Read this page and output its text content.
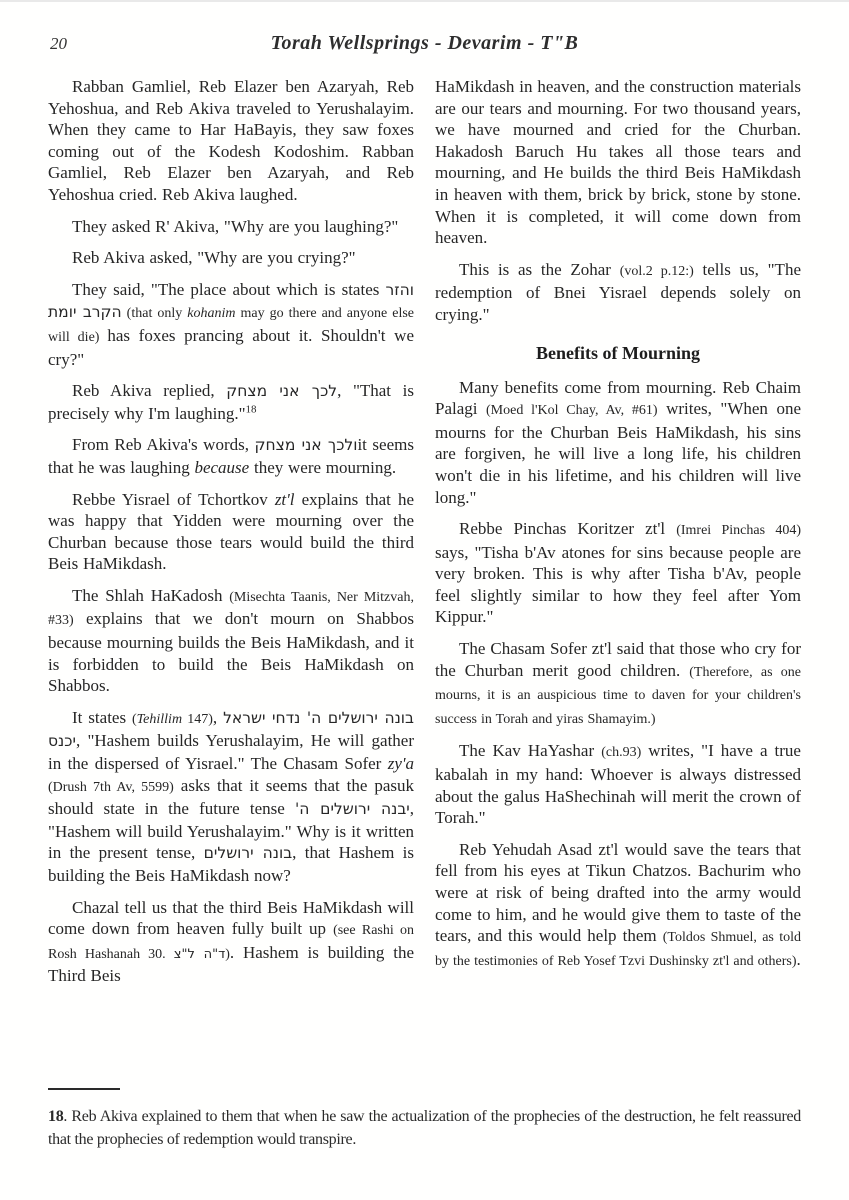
20	Torah Wellsprings - Devarim - T"B

Rabban Gamliel, Reb Elazer ben Azaryah, Reb Yehoshua, and Reb Akiva traveled to Yerushalayim. When they came to Har HaBayis, they saw foxes coming out of the Kodesh Kodoshim. Rabban Gamliel, Reb Elazer ben Azaryah, and Reb Yehoshua cried. Reb Akiva laughed.

They asked R' Akiva, "Why are you laughing?"

Reb Akiva asked, "Why are you crying?"

They said, "The place about which is states והזר הקרב יומת (that only kohanim may go there and anyone else will die) has foxes prancing about it. Shouldn't we cry?"

Reb Akiva replied, לכך אני מצחק, "That is precisely why I'm laughing."$^{18}$

From Reb Akiva's words, ולכך אני מצחקit seems that he was laughing because they were mourning.

Rebbe Yisrael of Tchortkov zt'l explains that he was happy that Yidden were mourning over the Churban because those tears would build the third Beis HaMikdash.

The Shlah HaKadosh (Misechta Taanis, Ner Mitzvah, #33) explains that we don't mourn on Shabbos because mourning builds the Beis HaMikdash, and it is forbidden to build the Beis HaMikdash on Shabbos.

It states (Tehillim 147), בונה ירושלים ה' נדחי ישראל יכנס, "Hashem builds Yerushalayim, He will gather in the dispersed of Yisrael." The Chasam Sofer zy'a (Drush 7th Av, 5599) asks that it seems that the pasuk should state in the future tense יבנה ירושלים ה', "Hashem will build Yerushalayim." Why is it written in the present tense, בונה ירושלים, that Hashem is building the Beis HaMikdash now?

Chazal tell us that the third Beis HaMikdash will come down from heaven fully built up (see Rashi on Rosh Hashanah 30. ד"ה ל"צ). Hashem is building the Third Beis

HaMikdash in heaven, and the construction materials are our tears and mourning. For two thousand years, we have mourned and cried for the Churban. Hakadosh Baruch Hu takes all those tears and mourning, and He builds the third Beis HaMikdash in heaven with them, brick by brick, stone by stone. When it is completed, it will come down from heaven.

This is as the Zohar (vol.2 p.12:) tells us, "The redemption of Bnei Yisrael depends solely on crying."

Benefits of Mourning

Many benefits come from mourning. Reb Chaim Palagi (Moed l'Kol Chay, Av, #61) writes, "When one mourns for the Churban Beis HaMikdash, his sins are forgiven, he will live a long life, his children won't die in his lifetime, and his children will live long."

Rebbe Pinchas Koritzer zt'l (Imrei Pinchas 404) says, "Tisha b'Av atones for sins because people are very broken. This is why after Tisha b'Av, people feel slightly similar to how they feel after Yom Kippur."

The Chasam Sofer zt'l said that those who cry for the Churban merit good children. (Therefore, as one mourns, it is an auspicious time to daven for your children's success in Torah and yiras Shamayim.)

The Kav HaYashar (ch.93) writes, "I have a true kabalah in my hand: Whoever is always distressed about the galus HaShechinah will merit the crown of Torah."

Reb Yehudah Asad zt'l would save the tears that fell from his eyes at Tikun Chatzos. Bachurim who were at risk of being drafted into the army would come to him, and he would give them to taste of the tears, and this would help them (Toldos Shmuel, as told by the testimonies of Reb Yosef Tzvi Dushinsky zt'l and others).

18. Reb Akiva explained to them that when he saw the actualization of the prophecies of the destruction, he felt reassured that the prophecies of redemption would transpire.
